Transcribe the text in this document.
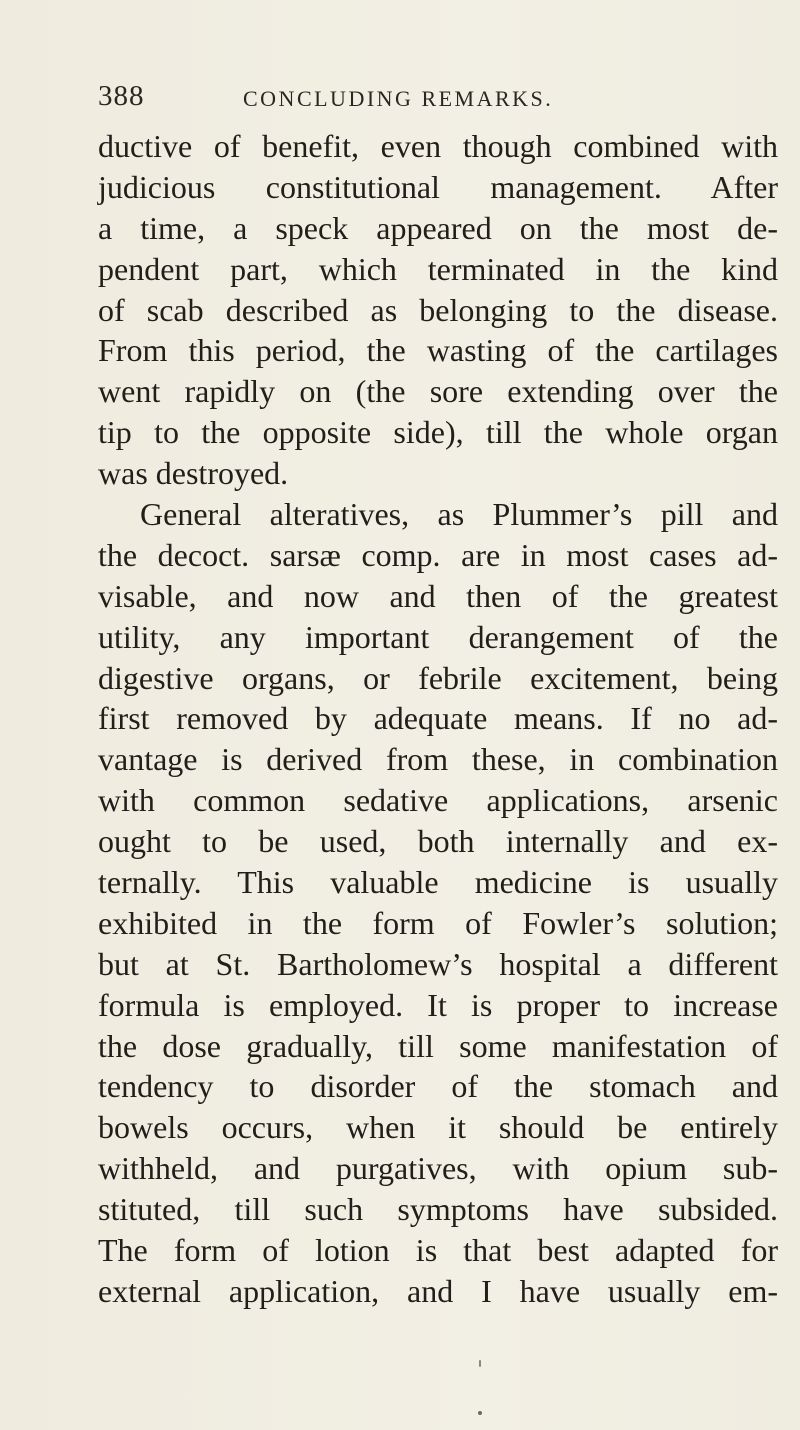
388	CONCLUDING REMARKS.
ductive of benefit, even though combined with
judicious constitutional management. After
a time, a speck appeared on the most de-
pendent part, which terminated in the kind
of scab described as belonging to the disease.
From this period, the wasting of the cartilages
went rapidly on (the sore extending over the
tip to the opposite side), till the whole organ
was destroyed.
General alteratives, as Plummer’s pill and
the decoct. sarsæ comp. are in most cases ad-
visable, and now and then of the greatest
utility, any important derangement of the
digestive organs, or febrile excitement, being
first removed by adequate means. If no ad-
vantage is derived from these, in combination
with common sedative applications, arsenic
ought to be used, both internally and ex-
ternally. This valuable medicine is usually
exhibited in the form of Fowler’s solution;
but at St. Bartholomew’s hospital a different
formula is employed. It is proper to increase
the dose gradually, till some manifestation of
tendency to disorder of the stomach and
bowels occurs, when it should be entirely
withheld, and purgatives, with opium sub-
stituted, till such symptoms have subsided.
The form of lotion is that best adapted for
external application, and I have usually em-
